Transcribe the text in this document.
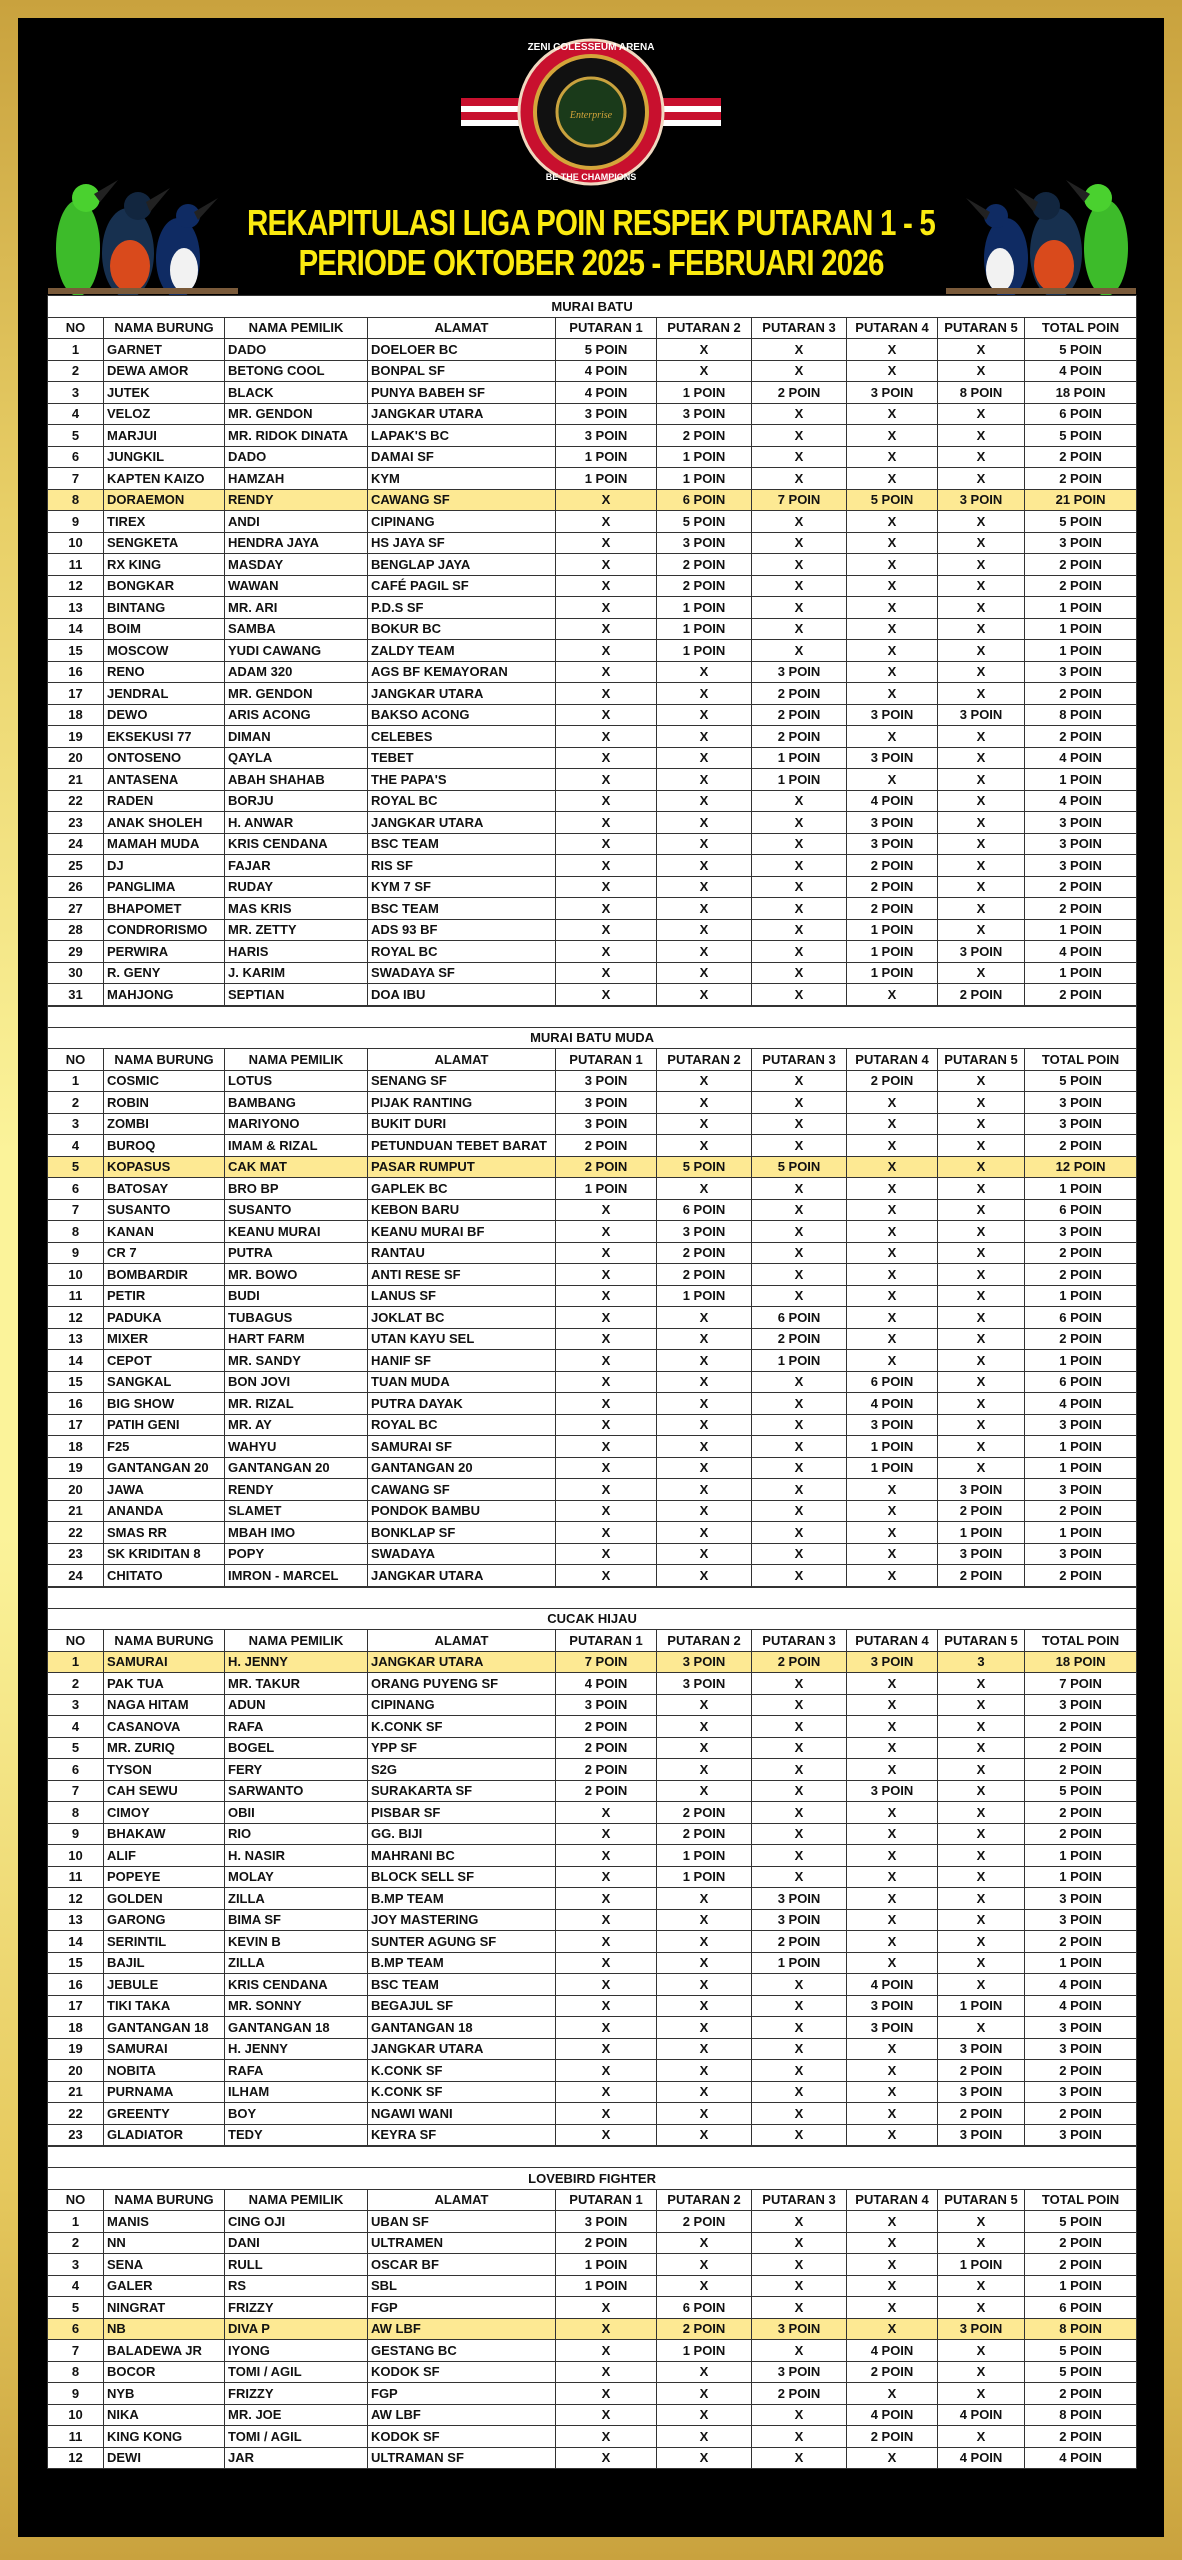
ZENI COLESSEUM ARENA
Enterprise
BE THE CHAMPIONS
REKAPITULASI LIGA POIN RESPEK PUTARAN 1 - 5
PERIODE OKTOBER 2025 - FEBRUARI 2026
MURAI BATU									
NO	NAMA BURUNG	NAMA PEMILIK	ALAMAT	PUTARAN 1	PUTARAN 2	PUTARAN 3	PUTARAN 4	PUTARAN 5	TOTAL POIN
1	GARNET	DADO	DOELOER BC	5 POIN	X	X	X	X	5 POIN
2	DEWA AMOR	BETONG COOL	BONPAL SF	4 POIN	X	X	X	X	4 POIN
3	JUTEK	BLACK	PUNYA BABEH SF	4 POIN	1 POIN	2 POIN	3 POIN	8 POIN	18 POIN
4	VELOZ	MR. GENDON	JANGKAR UTARA	3 POIN	3 POIN	X	X	X	6 POIN
5	MARJUI	MR. RIDOK DINATA	LAPAK'S BC	3 POIN	2 POIN	X	X	X	5 POIN
6	JUNGKIL	DADO	DAMAI SF	1 POIN	1 POIN	X	X	X	2 POIN
7	KAPTEN KAIZO	HAMZAH	KYM	1 POIN	1 POIN	X	X	X	2 POIN
8	DORAEMON	RENDY	CAWANG SF	X	6 POIN	7 POIN	5 POIN	3 POIN	21 POIN
9	TIREX	ANDI	CIPINANG	X	5 POIN	X	X	X	5 POIN
10	SENGKETA	HENDRA JAYA	HS JAYA SF	X	3 POIN	X	X	X	3 POIN
11	RX KING	MASDAY	BENGLAP JAYA	X	2 POIN	X	X	X	2 POIN
12	BONGKAR	WAWAN	CAFÉ PAGIL SF	X	2 POIN	X	X	X	2 POIN
13	BINTANG	MR. ARI	P.D.S SF	X	1 POIN	X	X	X	1 POIN
14	BOIM	SAMBA	BOKUR BC	X	1 POIN	X	X	X	1 POIN
15	MOSCOW	YUDI CAWANG	ZALDY TEAM	X	1 POIN	X	X	X	1 POIN
16	RENO	ADAM 320	AGS BF KEMAYORAN	X	X	3 POIN	X	X	3 POIN
17	JENDRAL	MR. GENDON	JANGKAR UTARA	X	X	2 POIN	X	X	2 POIN
18	DEWO	ARIS ACONG	BAKSO ACONG	X	X	2 POIN	3 POIN	3 POIN	8 POIN
19	EKSEKUSI 77	DIMAN	CELEBES	X	X	2 POIN	X	X	2 POIN
20	ONTOSENO	QAYLA	TEBET	X	X	1 POIN	3 POIN	X	4 POIN
21	ANTASENA	ABAH SHAHAB	THE PAPA'S	X	X	1 POIN	X	X	1 POIN
22	RADEN	BORJU	ROYAL BC	X	X	X	4 POIN	X	4 POIN
23	ANAK SHOLEH	H. ANWAR	JANGKAR UTARA	X	X	X	3 POIN	X	3 POIN
24	MAMAH MUDA	KRIS CENDANA	BSC TEAM	X	X	X	3 POIN	X	3 POIN
25	DJ	FAJAR	RIS SF	X	X	X	2 POIN	X	3 POIN
26	PANGLIMA	RUDAY	KYM 7 SF	X	X	X	2 POIN	X	2 POIN
27	BHAPOMET	MAS KRIS	BSC TEAM	X	X	X	2 POIN	X	2 POIN
28	CONDRORISMO	MR. ZETTY	ADS 93 BF	X	X	X	1 POIN	X	1 POIN
29	PERWIRA	HARIS	ROYAL BC	X	X	X	1 POIN	3 POIN	4 POIN
30	R. GENY	J. KARIM	SWADAYA SF	X	X	X	1 POIN	X	1 POIN
31	MAHJONG	SEPTIAN	DOA IBU	X	X	X	X	2 POIN	2 POIN

MURAI BATU MUDA									
NO	NAMA BURUNG	NAMA PEMILIK	ALAMAT	PUTARAN 1	PUTARAN 2	PUTARAN 3	PUTARAN 4	PUTARAN 5	TOTAL POIN
1	COSMIC	LOTUS	SENANG SF	3 POIN	X	X	2 POIN	X	5 POIN
2	ROBIN	BAMBANG	PIJAK RANTING	3 POIN	X	X	X	X	3 POIN
3	ZOMBI	MARIYONO	BUKIT DURI	3 POIN	X	X	X	X	3 POIN
4	BUROQ	IMAM & RIZAL	PETUNDUAN TEBET BARAT	2 POIN	X	X	X	X	2 POIN
5	KOPASUS	CAK MAT	PASAR RUMPUT	2 POIN	5 POIN	5 POIN	X	X	12 POIN
6	BATOSAY	BRO BP	GAPLEK BC	1 POIN	X	X	X	X	1 POIN
7	SUSANTO	SUSANTO	KEBON BARU	X	6 POIN	X	X	X	6 POIN
8	KANAN	KEANU MURAI	KEANU MURAI BF	X	3 POIN	X	X	X	3 POIN
9	CR 7	PUTRA	RANTAU	X	2 POIN	X	X	X	2 POIN
10	BOMBARDIR	MR. BOWO	ANTI RESE SF	X	2 POIN	X	X	X	2 POIN
11	PETIR	BUDI	LANUS SF	X	1 POIN	X	X	X	1 POIN
12	PADUKA	TUBAGUS	JOKLAT BC	X	X	6 POIN	X	X	6 POIN
13	MIXER	HART FARM	UTAN KAYU SEL	X	X	2 POIN	X	X	2 POIN
14	CEPOT	MR. SANDY	HANIF SF	X	X	1 POIN	X	X	1 POIN
15	SANGKAL	BON JOVI	TUAN MUDA	X	X	X	6 POIN	X	6 POIN
16	BIG SHOW	MR. RIZAL	PUTRA DAYAK	X	X	X	4 POIN	X	4 POIN
17	PATIH GENI	MR. AY	ROYAL BC	X	X	X	3 POIN	X	3 POIN
18	F25	WAHYU	SAMURAI SF	X	X	X	1 POIN	X	1 POIN
19	GANTANGAN 20	GANTANGAN 20	GANTANGAN 20	X	X	X	1 POIN	X	1 POIN
20	JAWA	RENDY	CAWANG SF	X	X	X	X	3 POIN	3 POIN
21	ANANDA	SLAMET	PONDOK BAMBU	X	X	X	X	2 POIN	2 POIN
22	SMAS RR	MBAH IMO	BONKLAP SF	X	X	X	X	1 POIN	1 POIN
23	SK KRIDITAN 8	POPY	SWADAYA	X	X	X	X	3 POIN	3 POIN
24	CHITATO	IMRON - MARCEL	JANGKAR UTARA	X	X	X	X	2 POIN	2 POIN

CUCAK HIJAU									
NO	NAMA BURUNG	NAMA PEMILIK	ALAMAT	PUTARAN 1	PUTARAN 2	PUTARAN 3	PUTARAN 4	PUTARAN 5	TOTAL POIN
1	SAMURAI	H. JENNY	JANGKAR UTARA	7 POIN	3 POIN	2 POIN	3 POIN	3	18 POIN
2	PAK TUA	MR. TAKUR	ORANG PUYENG SF	4 POIN	3 POIN	X	X	X	7 POIN
3	NAGA HITAM	ADUN	CIPINANG	3 POIN	X	X	X	X	3 POIN
4	CASANOVA	RAFA	K.CONK SF	2 POIN	X	X	X	X	2 POIN
5	MR. ZURIQ	BOGEL	YPP SF	2 POIN	X	X	X	X	2 POIN
6	TYSON	FERY	S2G	2 POIN	X	X	X	X	2 POIN
7	CAH SEWU	SARWANTO	SURAKARTA SF	2 POIN	X	X	3 POIN	X	5 POIN
8	CIMOY	OBII	PISBAR SF	X	2 POIN	X	X	X	2 POIN
9	BHAKAW	RIO	GG. BIJI	X	2 POIN	X	X	X	2 POIN
10	ALIF	H. NASIR	MAHRANI BC	X	1 POIN	X	X	X	1 POIN
11	POPEYE	MOLAY	BLOCK SELL SF	X	1 POIN	X	X	X	1 POIN
12	GOLDEN	ZILLA	B.MP TEAM	X	X	3 POIN	X	X	3 POIN
13	GARONG	BIMA SF	JOY MASTERING	X	X	3 POIN	X	X	3 POIN
14	SERINTIL	KEVIN B	SUNTER AGUNG SF	X	X	2 POIN	X	X	2 POIN
15	BAJIL	ZILLA	B.MP TEAM	X	X	1 POIN	X	X	1 POIN
16	JEBULE	KRIS CENDANA	BSC TEAM	X	X	X	4 POIN	X	4 POIN
17	TIKI TAKA	MR. SONNY	BEGAJUL SF	X	X	X	3 POIN	1 POIN	4 POIN
18	GANTANGAN 18	GANTANGAN 18	GANTANGAN 18	X	X	X	3 POIN	X	3 POIN
19	SAMURAI	H. JENNY	JANGKAR UTARA	X	X	X	X	3 POIN	3 POIN
20	NOBITA	RAFA	K.CONK SF	X	X	X	X	2 POIN	2 POIN
21	PURNAMA	ILHAM	K.CONK SF	X	X	X	X	3 POIN	3 POIN
22	GREENTY	BOY	NGAWI WANI	X	X	X	X	2 POIN	2 POIN
23	GLADIATOR	TEDY	KEYRA SF	X	X	X	X	3 POIN	3 POIN

LOVEBIRD FIGHTER									
NO	NAMA BURUNG	NAMA PEMILIK	ALAMAT	PUTARAN 1	PUTARAN 2	PUTARAN 3	PUTARAN 4	PUTARAN 5	TOTAL POIN
1	MANIS	CING OJI	UBAN SF	3 POIN	2 POIN	X	X	X	5 POIN
2	NN	DANI	ULTRAMEN	2 POIN	X	X	X	X	2 POIN
3	SENA	RULL	OSCAR BF	1 POIN	X	X	X	1 POIN	2 POIN
4	GALER	RS	SBL	1 POIN	X	X	X	X	1 POIN
5	NINGRAT	FRIZZY	FGP	X	6 POIN	X	X	X	6 POIN
6	NB	DIVA P	AW LBF	X	2 POIN	3 POIN	X	3 POIN	8 POIN
7	BALADEWA JR	IYONG	GESTANG BC	X	1 POIN	X	4 POIN	X	5 POIN
8	BOCOR	TOMI / AGIL	KODOK SF	X	X	3 POIN	2 POIN	X	5 POIN
9	NYB	FRIZZY	FGP	X	X	2 POIN	X	X	2 POIN
10	NIKA	MR. JOE	AW LBF	X	X	X	4 POIN	4 POIN	8 POIN
11	KING KONG	TOMI / AGIL	KODOK SF	X	X	X	2 POIN	X	2 POIN
12	DEWI	JAR	ULTRAMAN SF	X	X	X	X	4 POIN	4 POIN
